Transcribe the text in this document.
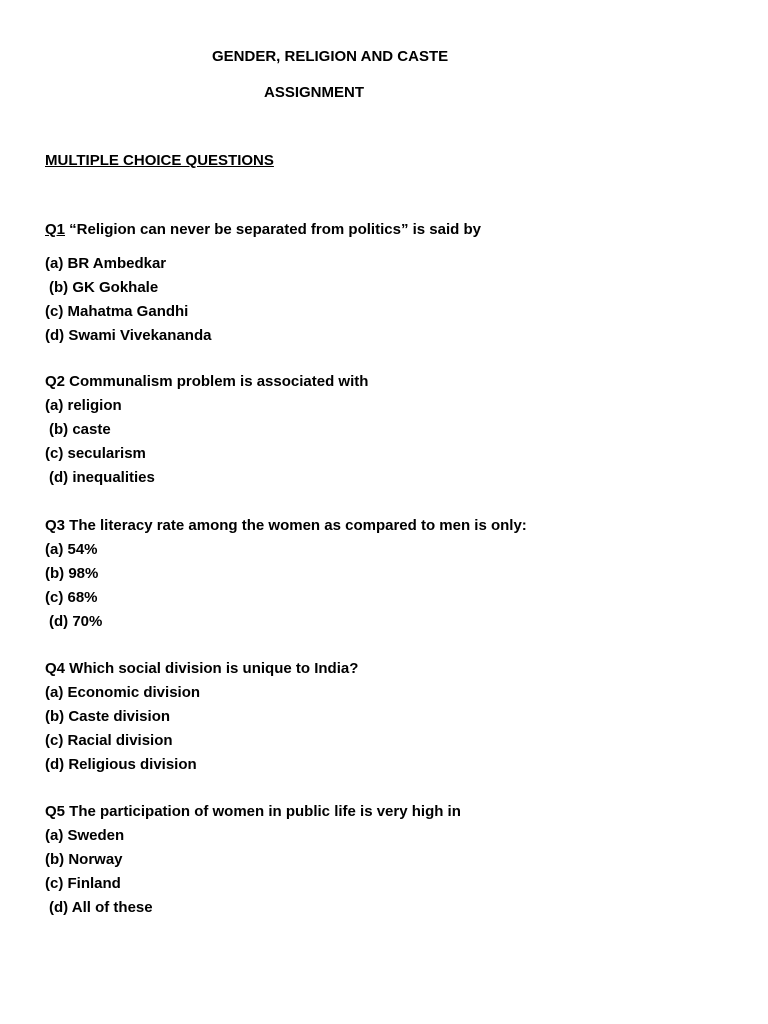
GENDER, RELIGION AND CASTE
ASSIGNMENT
MULTIPLE CHOICE QUESTIONS
Q1 “Religion can never be separated from politics” is said by
(a) BR Ambedkar
(b) GK Gokhale
(c) Mahatma Gandhi
(d) Swami Vivekananda
Q2 Communalism problem is associated with
(a) religion
(b) caste
(c) secularism
(d) inequalities
Q3 The literacy rate among the women as compared to men is only:
(a) 54%
(b) 98%
(c) 68%
(d) 70%
Q4 Which social division is unique to India?
(a) Economic division
(b) Caste division
(c) Racial division
(d) Religious division
Q5 The participation of women in public life is very high in
(a) Sweden
(b) Norway
(c) Finland
(d) All of these
